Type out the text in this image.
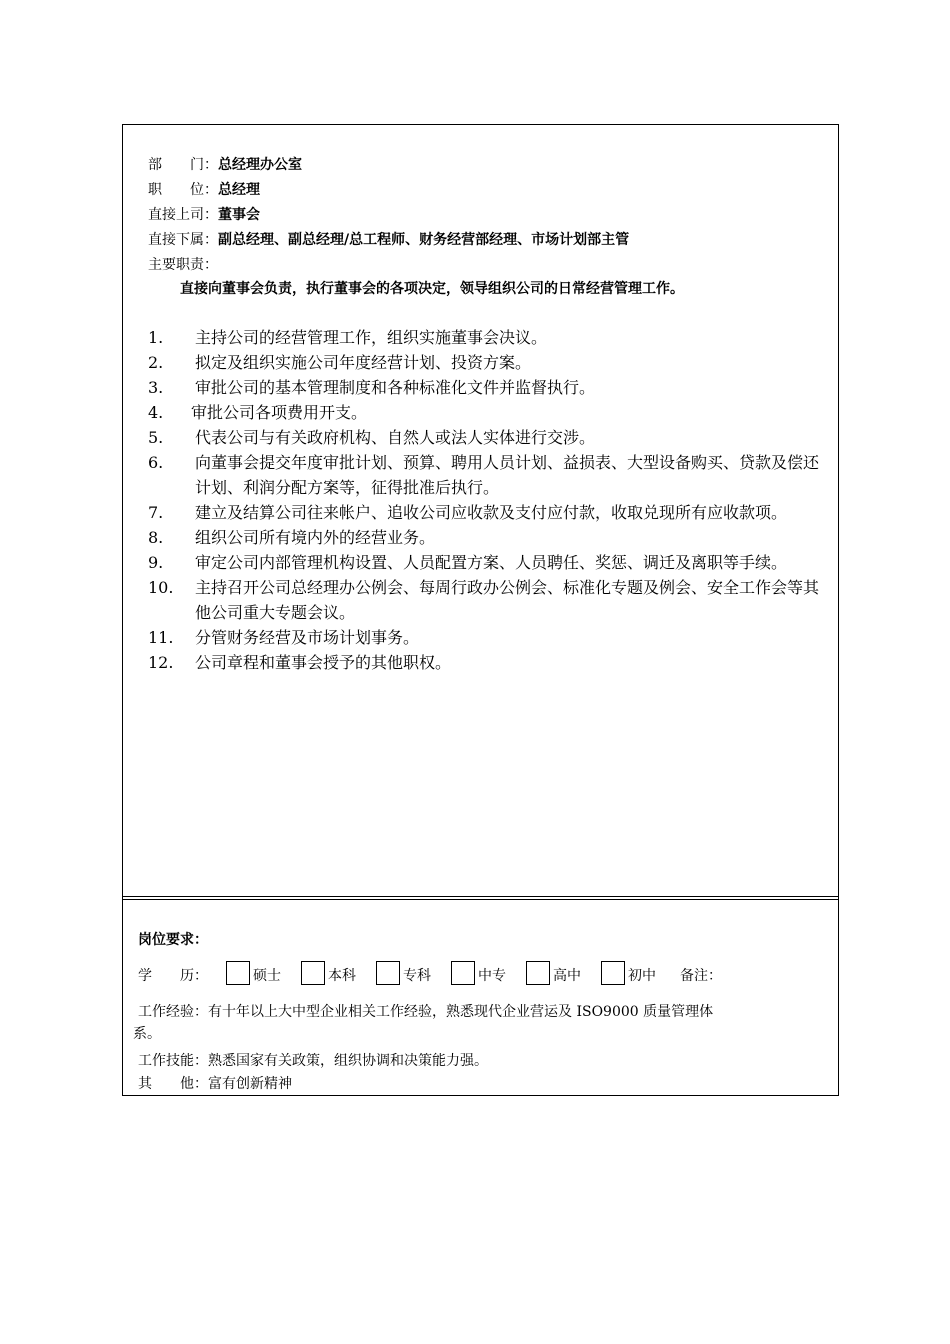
部　　门：总经理办公室
职　　位：总经理
直接上司：董事会
直接下属：副总经理、副总经理/总工程师、财务经营部经理、市场计划部主管
主要职责：
直接向董事会负责，执行董事会的各项决定，领导组织公司的日常经营管理工作。
1.	主持公司的经营管理工作，组织实施董事会决议。
2.	拟定及组织实施公司年度经营计划、投资方案。
3.	审批公司的基本管理制度和各种标准化文件并监督执行。
4.	审批公司各项费用开支。
5.	代表公司与有关政府机构、自然人或法人实体进行交涉。
6.	向董事会提交年度审批计划、预算、聘用人员计划、益损表、大型设备购买、贷款及偿还计划、利润分配方案等，征得批准后执行。
7.	建立及结算公司往来帐户、追收公司应收款及支付应付款，收取兑现所有应收款项。
8.	组织公司所有境内外的经营业务。
9.	审定公司内部管理机构设置、人员配置方案、人员聘任、奖惩、调迁及离职等手续。
10.	主持召开公司总经理办公例会、每周行政办公例会、标准化专题及例会、安全工作会等其他公司重大专题会议。
11.	分管财务经营及市场计划事务。
12.	公司章程和董事会授予的其他职权。
岗位要求：
学　　历：	硕士	本科	专科	中专	高中	初中 备注：
工作经验：有十年以上大中型企业相关工作经验，熟悉现代企业营运及 ISO9000 质量管理体
系。
工作技能：熟悉国家有关政策，组织协调和决策能力强。
其　　他：富有创新精神
